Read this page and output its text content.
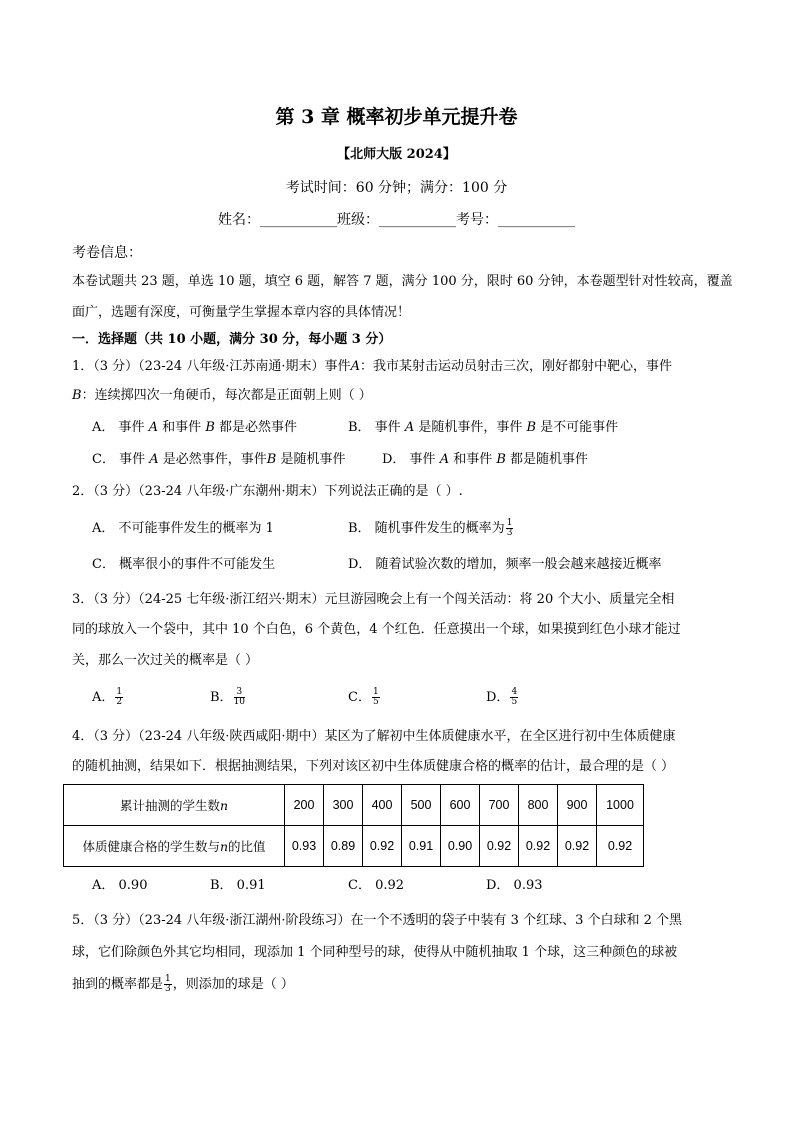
第 3 章 概率初步单元提升卷
【北师大版 2024】
考试时间：60 分钟；满分：100 分
姓名：___________班级：___________考号：___________
考卷信息：
本卷试题共 23 题，单选 10 题，填空 6 题，解答 7 题，满分 100 分，限时 60 分钟，本卷题型针对性较高，覆盖
面广，选题有深度，可衡量学生掌握本章内容的具体情况！
一．选择题（共 10 小题，满分 30 分，每小题 3 分）
1．（3 分）（23-24 八年级·江苏南通·期末）事件A：我市某射击运动员射击三次，刚好都射中靶心，事件
B：连续掷四次一角硬币，每次都是正面朝上则（ ）
A． 事件 A 和事件 B 都是必然事件	B． 事件 A 是随机事件，事件 B 是不可能事件
C． 事件 A 是必然事件，事件B 是随机事件	D． 事件 A 和事件 B 都是随机事件
2．（3 分）（23-24 八年级·广东潮州·期末）下列说法正确的是（ ）.
A． 不可能事件发生的概率为 1	B． 随机事件发生的概率为 $\frac{1}{3}$
C． 概率很小的事件不可能发生	D． 随着试验次数的增加，频率一般会越来越接近概率
3．（3 分）（24-25 七年级·浙江绍兴·期末）元旦游园晚会上有一个闯关活动：将 20 个大小、质量完全相
同的球放入一个袋中，其中 10 个白色，6 个黄色，4 个红色．任意摸出一个球，如果摸到红色小球才能过
关，那么一次过关的概率是（ ）
A． $\frac{1}{2}$	B． $\frac{3}{10}$	C． $\frac{1}{5}$	D． $\frac{4}{5}$
4．（3 分）（23-24 八年级·陕西咸阳·期中）某区为了解初中生体质健康水平，在全区进行初中生体质健康
的随机抽测，结果如下．根据抽测结果，下列对该区初中生体质健康合格的概率的估计，最合理的是（ ）
累计抽测的学生数n	200	300	400	500	600	700	800	900	1000
体质健康合格的学生数与n的比值	0.93	0.89	0.92	0.91	0.90	0.92	0.92	0.92	0.92
A． 0.90	B． 0.91	C． 0.92	D． 0.93
5．（3 分）（23-24 八年级·浙江湖州·阶段练习）在一个不透明的袋子中装有 3 个红球、3 个白球和 2 个黑
球，它们除颜色外其它均相同，现添加 1 个同种型号的球，使得从中随机抽取 1 个球，这三种颜色的球被
抽到的概率都是 $\frac{1}{3}$ ，则添加的球是（ ）
